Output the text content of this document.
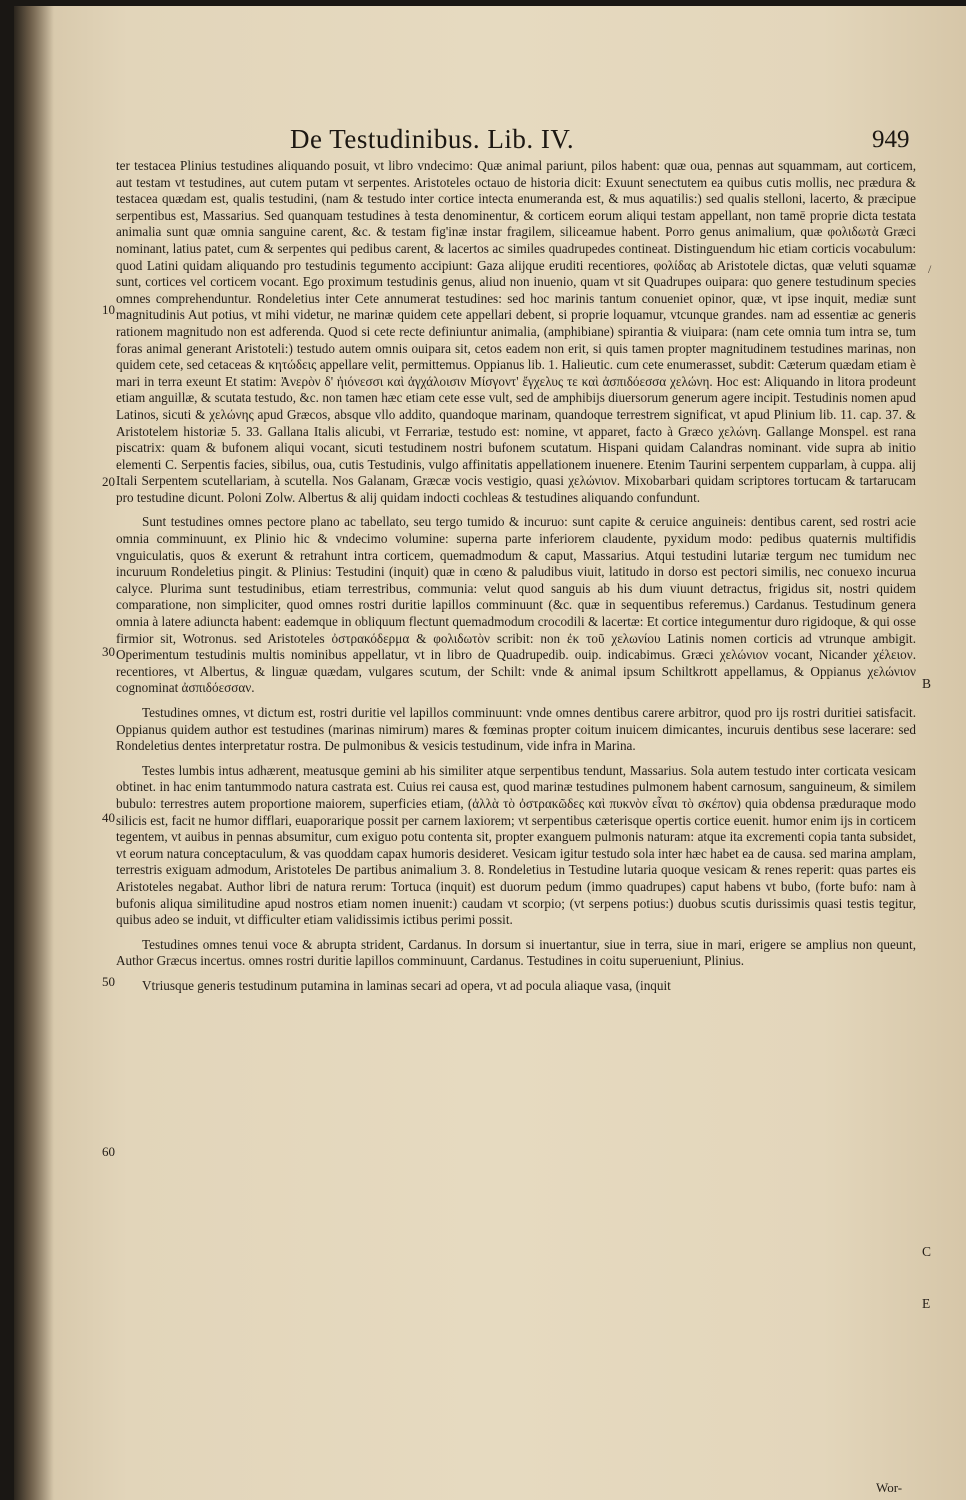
De Testudinibus. Lib. IV.	949

ter testacea Plinius testudines aliquando posuit, vt libro vndecimo: Quæ animal pariunt, pilos habent: quæ oua, pennas aut squammam, aut corticem, aut testam vt testudines, aut cutem putam vt serpentes. Aristoteles octauo de historia dicit: Exuunt senectutem ea quibus cutis mollis, nec prædura & testacea quædam est, qualis testudini, (nam & testudo inter cortice intecta enumeranda est, & mus aquatilis:) sed qualis stelloni, lacerto, & præcipue serpentibus est, Massarius. Sed quanquam testudines à testa denominentur, & corticem eorum aliqui testam appellant, non tamē proprie dicta testata animalia sunt quæ omnia sanguine carent, &c. & testam fig'inæ instar fragilem, siliceamue habent. Porro genus animalium, quæ φολιδωτὰ Græci nominant, latius patet, cum & serpentes qui pedibus carent, & lacertos ac similes quadrupedes contineat. Distinguendum hic etiam corticis vocabulum: quod Latini quidam aliquando pro testudinis tegumento accipiunt: Gaza alijque eruditi recentiores, φολίδας ab Aristotele dictas, quæ veluti squamæ sunt, cortices vel corticem vocant. Ego proximum testudinis genus, aliud non inuenio, quam vt sit Quadrupes ouipara: quo genere testudinum species omnes comprehenduntur. Rondeletius inter Cete annumerat testudines: sed hoc marinis tantum conueniet opinor, quæ, vt ipse inquit, mediæ sunt magnitudinis Aut potius, vt mihi videtur, ne marinæ quidem cete appellari debent, si proprie loquamur, vtcunque grandes. nam ad essentiæ ac generis rationem magnitudo non est adferenda. Quod si cete recte definiuntur animalia, (amphibiane) spirantia & viuipara: (nam cete omnia tum intra se, tum foras animal generant Aristoteli:) testudo autem omnis ouipara sit, cetos eadem non erit, si quis tamen propter magnitudinem testudines marinas, non quidem cete, sed cetaceas & κητώδεις appellare velit, permittemus. Oppianus lib. 1. Halieutic. cum cete enumerasset, subdit: Cæterum quædam etiam è mari in terra exeunt Et statim: Ἀνερὸν δ' ἠιόνεσσι καὶ ἀγχάλοισιν Μίσγοντ' ἔγχελυς τε καὶ ἀσπιδόεσσα χελώνη. Hoc est: Aliquando in litora prodeunt etiam anguillæ, & scutata testudo, &c. non tamen hæc etiam cete esse vult, sed de amphibijs diuersorum generum agere incipit. Testudinis nomen apud Latinos, sicuti & χελώνης apud Græcos, absque vllo addito, quandoque marinam, quandoque terrestrem significat, vt apud Plinium lib. 11. cap. 37. & Aristotelem historiæ 5. 33. Gallana Italis alicubi, vt Ferrariæ, testudo est: nomine, vt apparet, facto à Græco χελώνη. Gallange Monspel. est rana piscatrix: quam & bufonem aliqui vocant, sicuti testudinem nostri bufonem scutatum. Hispani quidam Calandras nominant. vide supra ab initio elementi C. Serpentis facies, sibilus, oua, cutis Testudinis, vulgo affinitatis appellationem inuenere. Etenim Taurini serpentem cupparlam, à cuppa. alij Itali Serpentem scutellariam, à scutella. Nos Galanam, Græcæ vocis vestigio, quasi χελώνιον. Mixobarbari quidam scriptores tortucam & tartarucam pro testudine dicunt. Poloni Zolw. Albertus & alij quidam indocti cochleas & testudines aliquando confundunt.

Sunt testudines omnes pectore plano ac tabellato, seu tergo tumido & incuruo: sunt capite & ceruice anguineis: dentibus carent, sed rostri acie omnia comminuunt, ex Plinio hic & vndecimo volumine: superna parte inferiorem claudente, pyxidum modo: pedibus quaternis multifidis vnguiculatis, quos & exerunt & retrahunt intra corticem, quemadmodum & caput, Massarius. Atqui testudini lutariæ tergum nec tumidum nec incuruum Rondeletius pingit. & Plinius: Testudini (inquit) quæ in cœno & paludibus viuit, latitudo in dorso est pectori similis, nec conuexo incurua calyce. Plurima sunt testudinibus, etiam terrestribus, communia: velut quod sanguis ab his dum viuunt detractus, frigidus sit, nostri quidem comparatione, non simpliciter, quod omnes rostri duritie lapillos comminuunt (&c. quæ in sequentibus referemus.) Cardanus. Testudinum genera omnia à latere adiuncta habent: eademque in obliquum flectunt quemadmodum crocodili & lacertæ: Et cortice integumentur duro rigidoque, & qui osse firmior sit, Wotronus. sed Aristoteles ὀστρακόδερμα & φολιδωτὸν scribit: non ἐκ τοῦ χελωνίου Latinis nomen corticis ad vtrunque ambigit. Operimentum testudinis multis nominibus appellatur, vt in libro de Quadrupedib. ouip. indicabimus. Græci χελώνιον vocant, Nicander χέλειον. recentiores, vt Albertus, & linguæ quædam, vulgares scutum, der Schilt: vnde & animal ipsum Schiltkrott appellamus, & Oppianus χελώνιον cognominat ἀσπιδόεσσαν.

Testudines omnes, vt dictum est, rostri duritie vel lapillos comminuunt: vnde omnes dentibus carere arbitror, quod pro ijs rostri duritiei satisfacit. Oppianus quidem author est testudines (marinas nimirum) mares & fœminas propter coitum inuicem dimicantes, incuruis dentibus sese lacerare: sed Rondeletius dentes interpretatur rostra. De pulmonibus & vesicis testudinum, vide infra in Marina.

Testes lumbis intus adhærent, meatusque gemini ab his similiter atque serpentibus tendunt, Massarius. Sola autem testudo inter corticata vesicam obtinet. in hac enim tantummodo natura castrata est. Cuius rei causa est, quod marinæ testudines pulmonem habent carnosum, sanguineum, & similem bubulo: terrestres autem proportione maiorem, superficies etiam, (ἀλλὰ τὸ ὀστρακῶδες καὶ πυκνὸν εἶναι τὸ σκέπον) quia obdensa præduraque modo silicis est, facit ne humor difflari, euaporarique possit per carnem laxiorem; vt serpentibus cæterisque opertis cortice euenit. humor enim ijs in corticem tegentem, vt auibus in pennas absumitur, cum exiguo potu contenta sit, propter exanguem pulmonis naturam: atque ita excrementi copia tanta subsidet, vt eorum natura conceptaculum, & vas quoddam capax humoris desideret. Vesicam igitur testudo sola inter hæc habet ea de causa. sed marina amplam, terrestris exiguam admodum, Aristoteles De partibus animalium 3. 8. Rondeletius in Testudine lutaria quoque vesicam & renes reperit: quas partes eis Aristoteles negabat. Author libri de natura rerum: Tortuca (inquit) est duorum pedum (immo quadrupes) caput habens vt bubo, (forte bufo: nam à bufonis aliqua similitudine apud nostros etiam nomen inuenit:) caudam vt scorpio; (vt serpens potius:) duobus scutis durissimis quasi testis tegitur, quibus adeo se induit, vt difficulter etiam validissimis ictibus perimi possit.

Testudines omnes tenui voce & abrupta strident, Cardanus. In dorsum si inuertantur, siue in terra, siue in mari, erigere se amplius non queunt, Author Græcus incertus. omnes rostri duritie lapillos comminuunt, Cardanus. Testudines in coitu superueniunt, Plinius.

Vtriusque generis testudinum putamina in laminas secari ad opera, vt ad pocula aliaque vasa, (inquit

10
20
30
40
50
60
B
C
E
/
Wor-
